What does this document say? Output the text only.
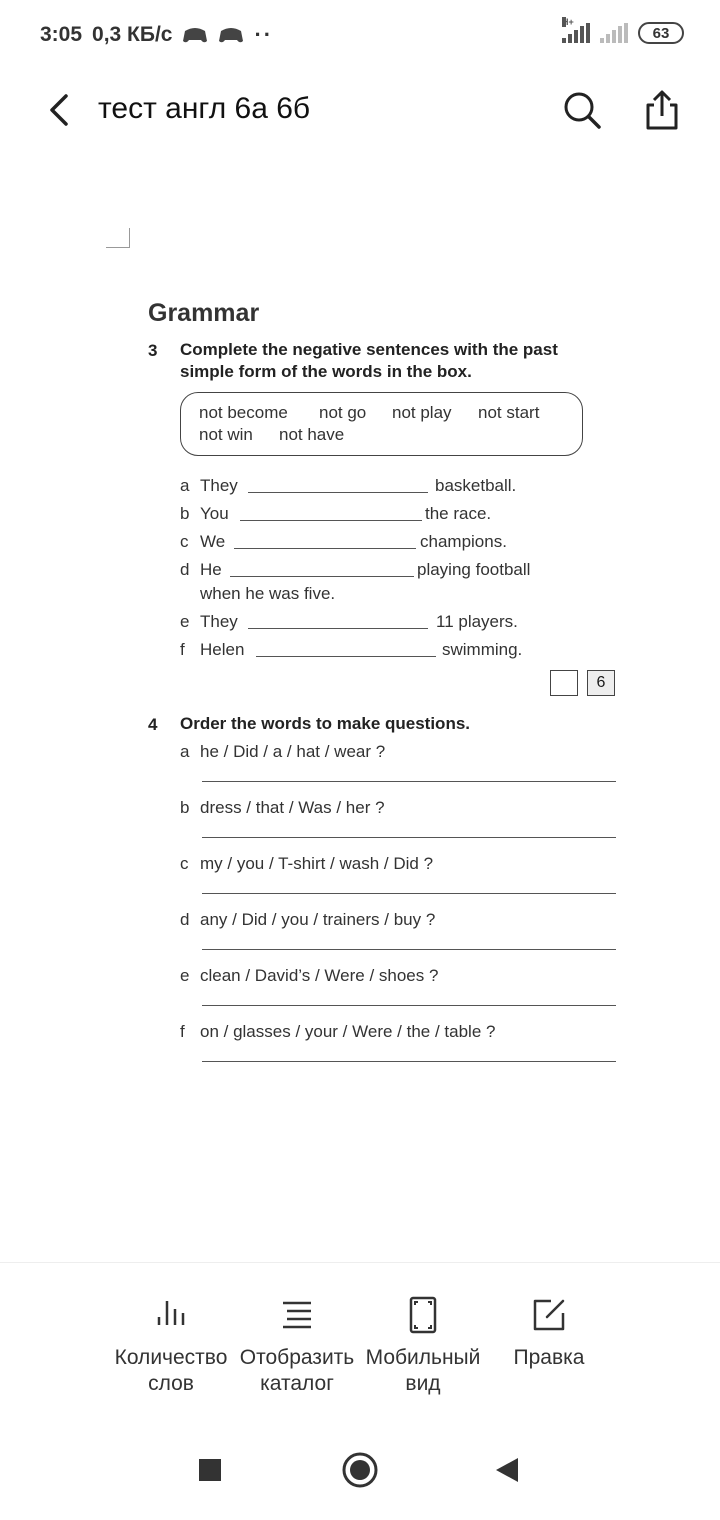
3:05 0,3 КБ/с	··	H+
63
тест англ 6а 6б
Grammar
3 Complete the negative sentences with the past
simple form of the words in the box.
not become not go not play not start
not win not have
a They	basketball.
b You	the race.
c We	champions.
d He	playing football
when he was five.
e They	11 players.
f Helen	swimming.
6
4 Order the words to make questions.
a he / Did / a / hat / wear ?
b dress / that / Was / her ?
c my / you / T-shirt / wash / Did ?
d any / Did / you / trainers / buy ?
e clean / David’s / Were / shoes ?
f on / glasses / your / Were / the / table ?
Количество
слов
Отобразить
каталог
Мобильный
вид
Правка
